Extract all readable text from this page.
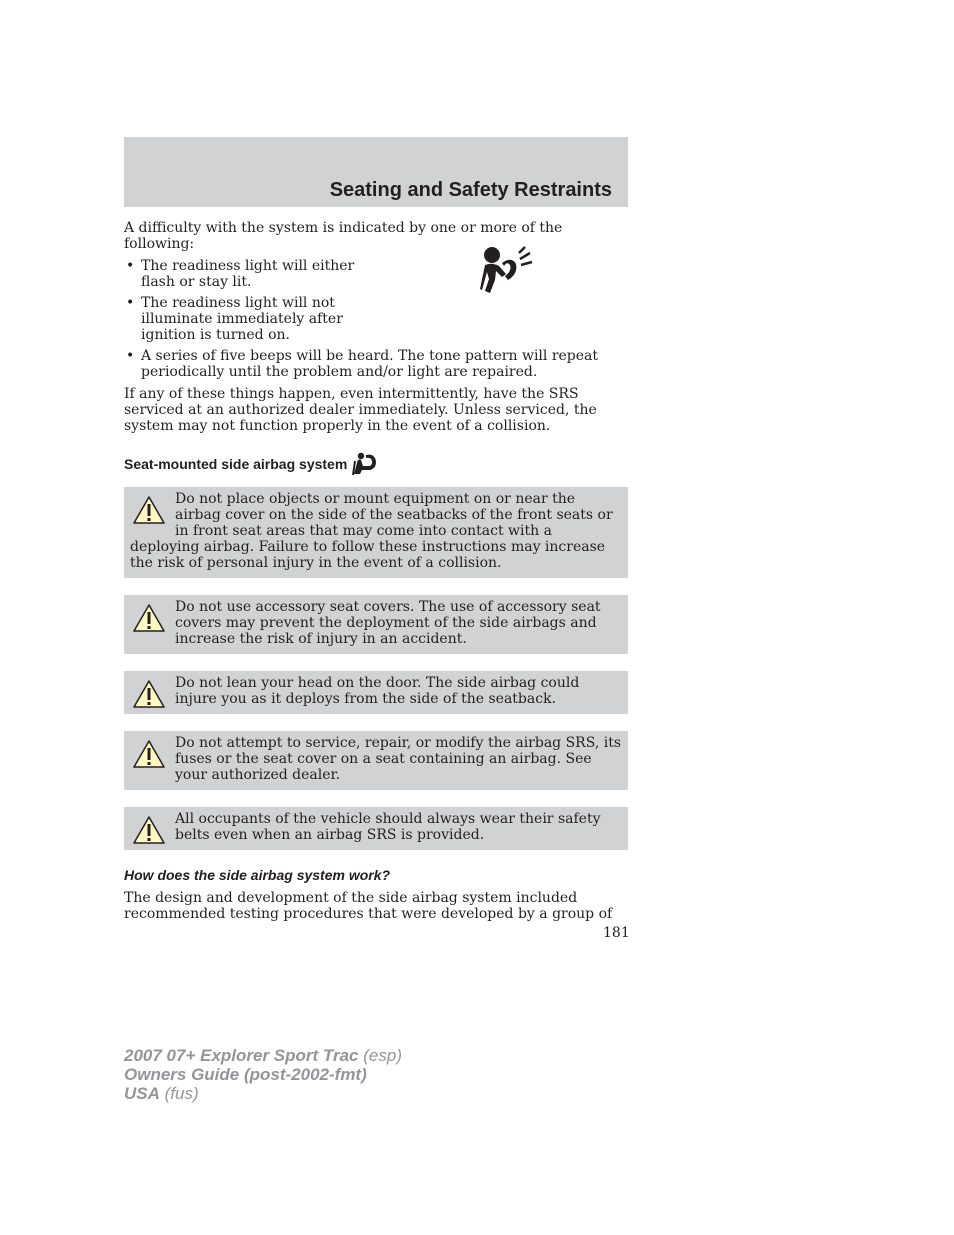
Seating and Safety Restraints

A difficulty with the system is indicated by one or more of the following:

• The readiness light will either flash or stay lit.
• The readiness light will not illuminate immediately after ignition is turned on.
• A series of five beeps will be heard. The tone pattern will repeat periodically until the problem and/or light are repaired.

If any of these things happen, even intermittently, have the SRS serviced at an authorized dealer immediately. Unless serviced, the system may not function properly in the event of a collision.

Seat-mounted side airbag system
Do not place objects or mount equipment on or near the airbag cover on the side of the seatbacks of the front seats or in front seat areas that may come into contact with a deploying airbag. Failure to follow these instructions may increase the risk of personal injury in the event of a collision.
Do not use accessory seat covers. The use of accessory seat covers may prevent the deployment of the side airbags and increase the risk of injury in an accident.
Do not lean your head on the door. The side airbag could injure you as it deploys from the side of the seatback.
Do not attempt to service, repair, or modify the airbag SRS, its fuses or the seat cover on a seat containing an airbag. See your authorized dealer.
All occupants of the vehicle should always wear their safety belts even when an airbag SRS is provided.
How does the side airbag system work?

The design and development of the side airbag system included recommended testing procedures that were developed by a group of

181
2007 07+ Explorer Sport Trac (esp)
Owners Guide (post-2002-fmt)
USA (fus)
